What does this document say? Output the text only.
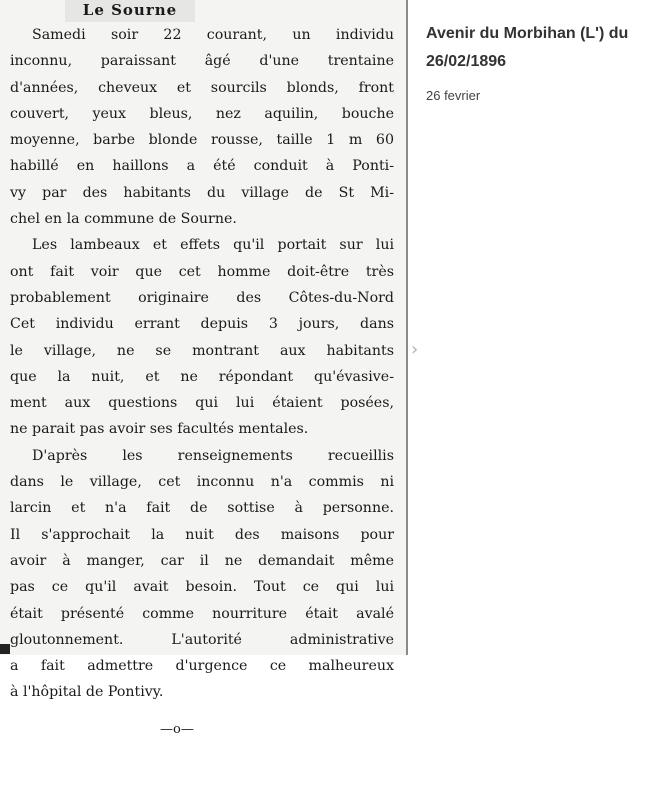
Le Sourne
Samedi soir 22 courant, un individu
inconnu, paraissant âgé d'une trentaine
d'années, cheveux et sourcils blonds, front
couvert, yeux bleus, nez aquilin, bouche
moyenne, barbe blonde rousse, taille 1 m 60
habillé en haillons a été conduit à Ponti-
vy par des habitants du village de St Mi-
chel en la commune de Sourne.
Les lambeaux et effets qu'il portait sur lui
ont fait voir que cet homme doit-être très
probablement originaire des Côtes-du-Nord
Cet individu errant depuis 3 jours, dans
le village, ne se montrant aux habitants
que la nuit, et ne répondant qu'évasive-
ment aux questions qui lui étaient posées,
ne parait pas avoir ses facultés mentales.
D'après les renseignements recueillis
dans le village, cet inconnu n'a commis ni
larcin et n'a fait de sottise à personne.
Il s'approchait la nuit des maisons pour
avoir à manger, car il ne demandait même
pas ce qu'il avait besoin. Tout ce qui lui
était présenté comme nourriture était avalé
gloutonnement. L'autorité administrative
a fait admettre d'urgence ce malheureux
à l'hôpital de Pontivy.
—o—
›
Avenir du Morbihan (L') du 26/02/1896
26 fevrier
